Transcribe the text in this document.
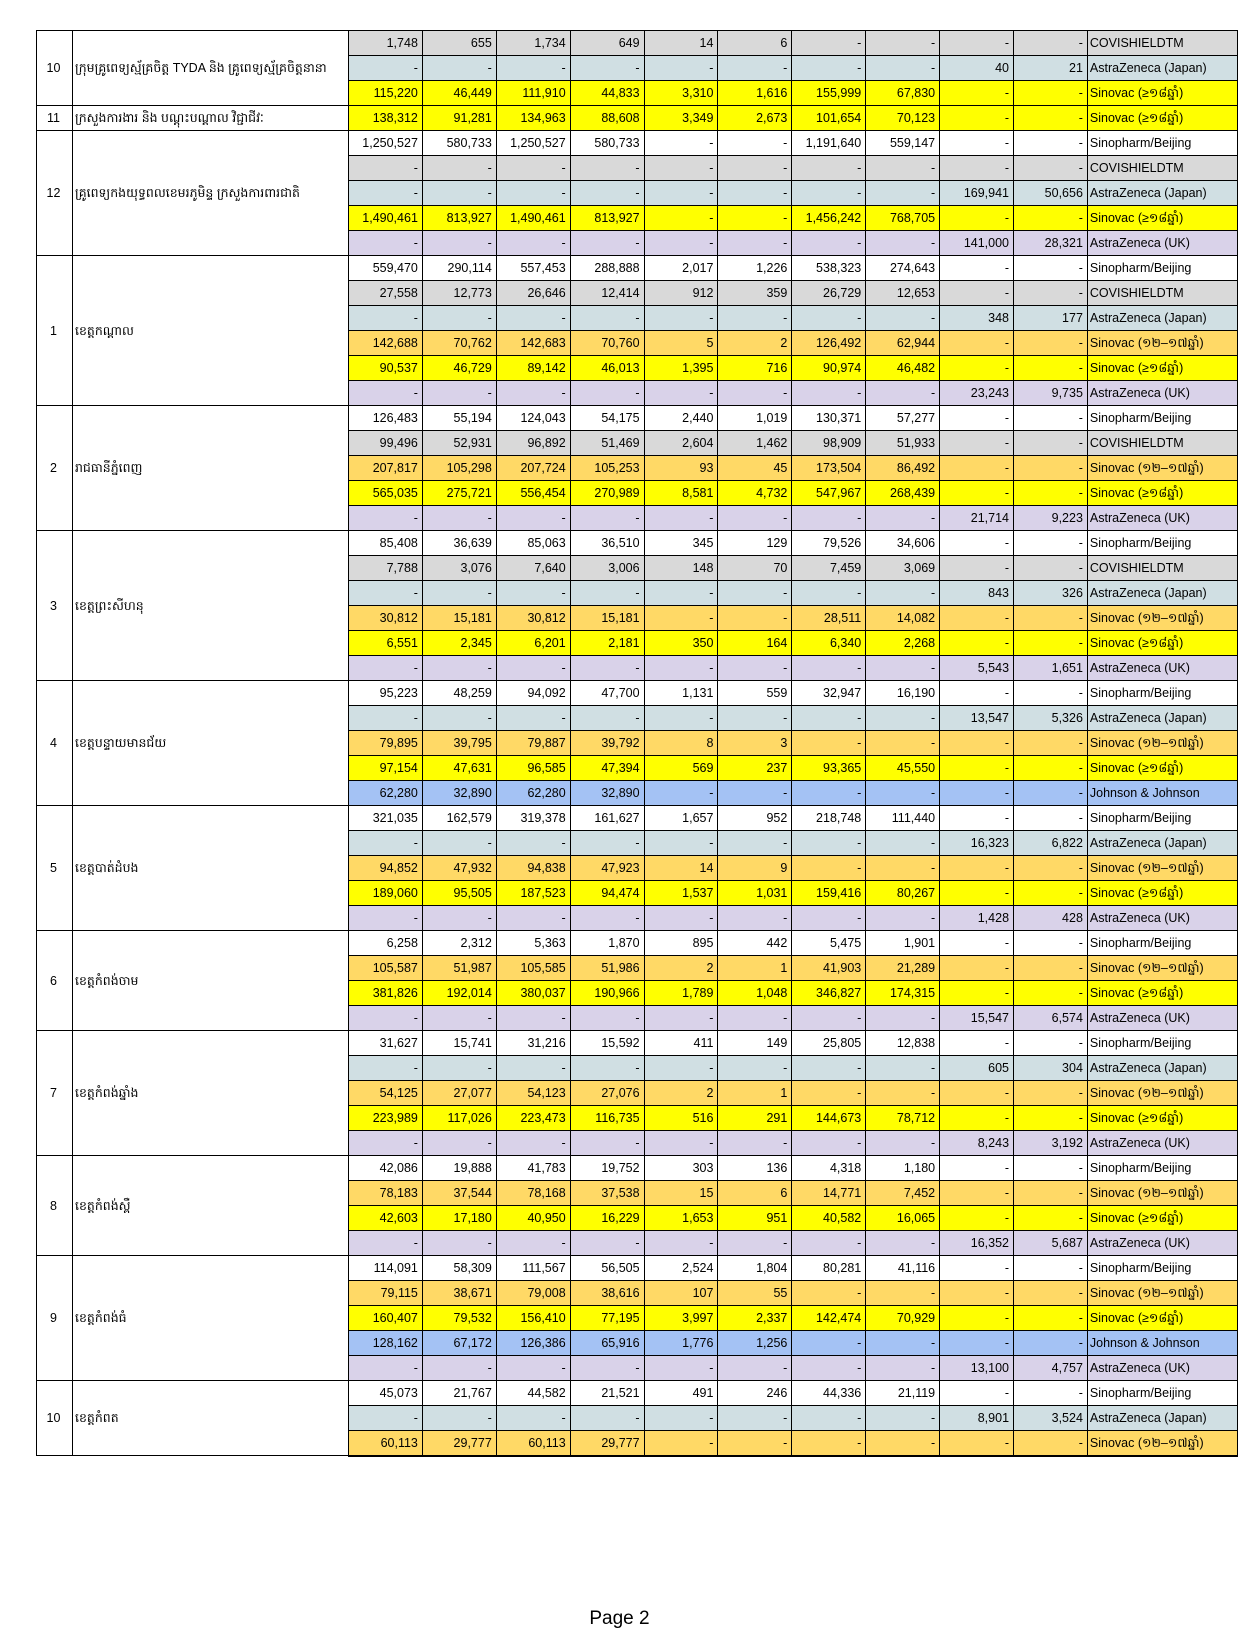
10	ក្រុមគ្រូពេទ្យស្ម័គ្រចិត្ត TYDA និង គ្រូពេទ្យស្ម័គ្រចិត្តនានា	1,748	655	1,734	649	14	6	-	-	-	-	COVISHIELDTM
		-	-	-	-	-	-	-	-	40	21	AstraZeneca (Japan)
		115,220	46,449	111,910	44,833	3,310	1,616	155,999	67,830	-	-	Sinovac (≥១៨ឆ្នាំ)
11	ក្រសួងការងារ និង បណ្តុះបណ្តាល វិជ្ជាជីវៈ	138,312	91,281	134,963	88,608	3,349	2,673	101,654	70,123	-	-	Sinovac (≥១៨ឆ្នាំ)
12	គ្រូពេទ្យកងយុទ្ធពលខេមរភូមិន្ទ ក្រសួងការពារជាតិ	1,250,527	580,733	1,250,527	580,733	-	-	1,191,640	559,147	-	-	Sinopharm/Beijing
		-	-	-	-	-	-	-	-	-	-	COVISHIELDTM
		-	-	-	-	-	-	-	-	169,941	50,656	AstraZeneca (Japan)
		1,490,461	813,927	1,490,461	813,927	-	-	1,456,242	768,705	-	-	Sinovac (≥១៨ឆ្នាំ)
		-	-	-	-	-	-	-	-	141,000	28,321	AstraZeneca (UK)
1	ខេត្តកណ្តាល	559,470	290,114	557,453	288,888	2,017	1,226	538,323	274,643	-	-	Sinopharm/Beijing
		27,558	12,773	26,646	12,414	912	359	26,729	12,653	-	-	COVISHIELDTM
		-	-	-	-	-	-	-	-	348	177	AstraZeneca (Japan)
		142,688	70,762	142,683	70,760	5	2	126,492	62,944	-	-	Sinovac (១២–១៧ឆ្នាំ)
		90,537	46,729	89,142	46,013	1,395	716	90,974	46,482	-	-	Sinovac (≥១៨ឆ្នាំ)
		-	-	-	-	-	-	-	-	23,243	9,735	AstraZeneca (UK)
2	រាជធានីភ្នំពេញ	126,483	55,194	124,043	54,175	2,440	1,019	130,371	57,277	-	-	Sinopharm/Beijing
		99,496	52,931	96,892	51,469	2,604	1,462	98,909	51,933	-	-	COVISHIELDTM
		207,817	105,298	207,724	105,253	93	45	173,504	86,492	-	-	Sinovac (១២–១៧ឆ្នាំ)
		565,035	275,721	556,454	270,989	8,581	4,732	547,967	268,439	-	-	Sinovac (≥១៨ឆ្នាំ)
		-	-	-	-	-	-	-	-	21,714	9,223	AstraZeneca (UK)
3	ខេត្តព្រះសីហនុ	85,408	36,639	85,063	36,510	345	129	79,526	34,606	-	-	Sinopharm/Beijing
		7,788	3,076	7,640	3,006	148	70	7,459	3,069	-	-	COVISHIELDTM
		-	-	-	-	-	-	-	-	843	326	AstraZeneca (Japan)
		30,812	15,181	30,812	15,181	-	-	28,511	14,082	-	-	Sinovac (១២–១៧ឆ្នាំ)
		6,551	2,345	6,201	2,181	350	164	6,340	2,268	-	-	Sinovac (≥១៨ឆ្នាំ)
		-	-	-	-	-	-	-	-	5,543	1,651	AstraZeneca (UK)
4	ខេត្តបន្ទាយមានជ័យ	95,223	48,259	94,092	47,700	1,131	559	32,947	16,190	-	-	Sinopharm/Beijing
		-	-	-	-	-	-	-	-	13,547	5,326	AstraZeneca (Japan)
		79,895	39,795	79,887	39,792	8	3	-	-	-	-	Sinovac (១២–១៧ឆ្នាំ)
		97,154	47,631	96,585	47,394	569	237	93,365	45,550	-	-	Sinovac (≥១៨ឆ្នាំ)
		62,280	32,890	62,280	32,890	-	-	-	-	-	-	Johnson & Johnson
5	ខេត្តបាត់ដំបង	321,035	162,579	319,378	161,627	1,657	952	218,748	111,440	-	-	Sinopharm/Beijing
		-	-	-	-	-	-	-	-	16,323	6,822	AstraZeneca (Japan)
		94,852	47,932	94,838	47,923	14	9	-	-	-	-	Sinovac (១២–១៧ឆ្នាំ)
		189,060	95,505	187,523	94,474	1,537	1,031	159,416	80,267	-	-	Sinovac (≥១៨ឆ្នាំ)
		-	-	-	-	-	-	-	-	1,428	428	AstraZeneca (UK)
6	ខេត្តកំពង់ចាម	6,258	2,312	5,363	1,870	895	442	5,475	1,901	-	-	Sinopharm/Beijing
		105,587	51,987	105,585	51,986	2	1	41,903	21,289	-	-	Sinovac (១២–១៧ឆ្នាំ)
		381,826	192,014	380,037	190,966	1,789	1,048	346,827	174,315	-	-	Sinovac (≥១៨ឆ្នាំ)
		-	-	-	-	-	-	-	-	15,547	6,574	AstraZeneca (UK)
7	ខេត្តកំពង់ឆ្នាំង	31,627	15,741	31,216	15,592	411	149	25,805	12,838	-	-	Sinopharm/Beijing
		-	-	-	-	-	-	-	-	605	304	AstraZeneca (Japan)
		54,125	27,077	54,123	27,076	2	1	-	-	-	-	Sinovac (១២–១៧ឆ្នាំ)
		223,989	117,026	223,473	116,735	516	291	144,673	78,712	-	-	Sinovac (≥១៨ឆ្នាំ)
		-	-	-	-	-	-	-	-	8,243	3,192	AstraZeneca (UK)
8	ខេត្តកំពង់ស្ពឺ	42,086	19,888	41,783	19,752	303	136	4,318	1,180	-	-	Sinopharm/Beijing
		78,183	37,544	78,168	37,538	15	6	14,771	7,452	-	-	Sinovac (១២–១៧ឆ្នាំ)
		42,603	17,180	40,950	16,229	1,653	951	40,582	16,065	-	-	Sinovac (≥១៨ឆ្នាំ)
		-	-	-	-	-	-	-	-	16,352	5,687	AstraZeneca (UK)
9	ខេត្តកំពង់ធំ	114,091	58,309	111,567	56,505	2,524	1,804	80,281	41,116	-	-	Sinopharm/Beijing
		79,115	38,671	79,008	38,616	107	55	-	-	-	-	Sinovac (១២–១៧ឆ្នាំ)
		160,407	79,532	156,410	77,195	3,997	2,337	142,474	70,929	-	-	Sinovac (≥១៨ឆ្នាំ)
		128,162	67,172	126,386	65,916	1,776	1,256	-	-	-	-	Johnson & Johnson
		-	-	-	-	-	-	-	-	13,100	4,757	AstraZeneca (UK)
10	ខេត្តកំពត	45,073	21,767	44,582	21,521	491	246	44,336	21,119	-	-	Sinopharm/Beijing
		-	-	-	-	-	-	-	-	8,901	3,524	AstraZeneca (Japan)
		60,113	29,777	60,113	29,777	-	-	-	-	-	-	Sinovac (១២–១៧ឆ្នាំ)
Page 2
